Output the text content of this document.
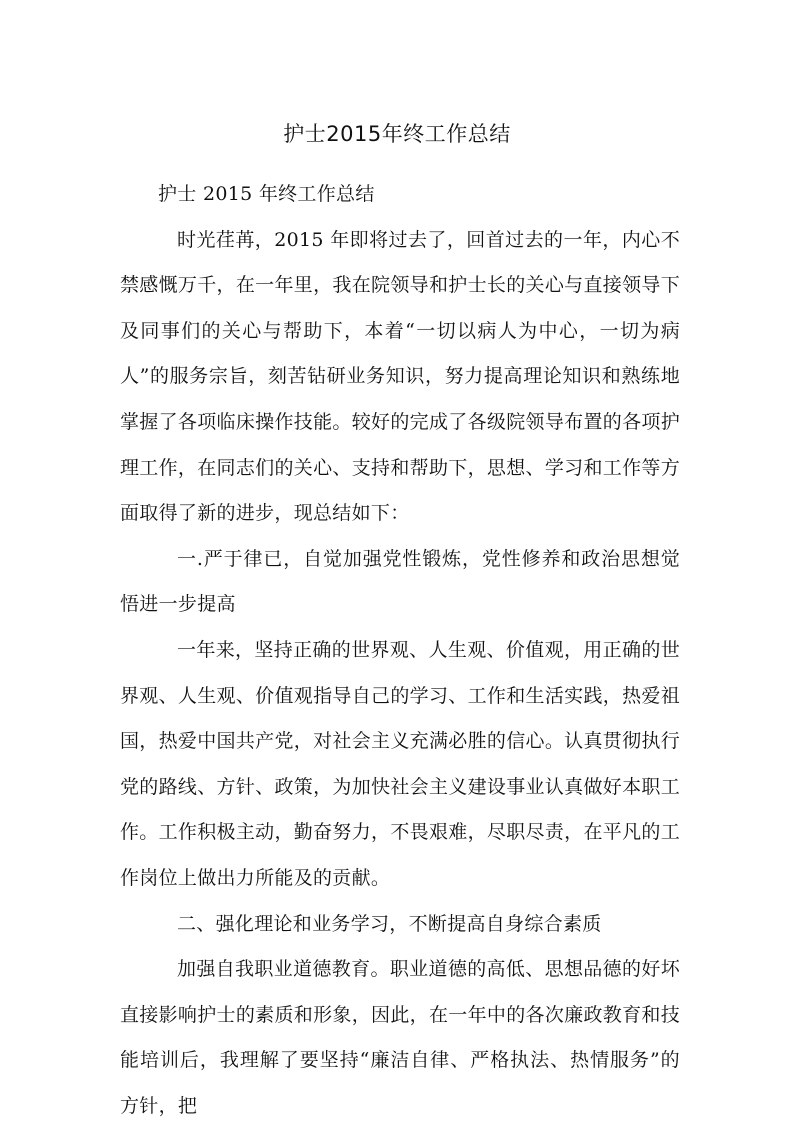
护士2015年终工作总结

护士 2015 年终工作总结

时光荏苒，2015 年即将过去了，回首过去的一年，内心不禁感慨万千，在一年里，我在院领导和护士长的关心与直接领导下及同事们的关心与帮助下，本着“一切以病人为中心，一切为病人”的服务宗旨，刻苦钻研业务知识，努力提高理论知识和熟练地掌握了各项临床操作技能。较好的完成了各级院领导布置的各项护理工作，在同志们的关心、支持和帮助下，思想、学习和工作等方面取得了新的进步，现总结如下：

一.严于律已，自觉加强党性锻炼，党性修养和政治思想觉悟进一步提高

一年来，坚持正确的世界观、人生观、价值观，用正确的世界观、人生观、价值观指导自己的学习、工作和生活实践，热爱祖国，热爱中国共产党，对社会主义充满必胜的信心。认真贯彻执行党的路线、方针、政策，为加快社会主义建设事业认真做好本职工作。工作积极主动，勤奋努力，不畏艰难，尽职尽责，在平凡的工作岗位上做出力所能及的贡献。

二、强化理论和业务学习，不断提高自身综合素质

加强自我职业道德教育。职业道德的高低、思想品德的好坏直接影响护士的素质和形象，因此，在一年中的各次廉政教育和技能培训后，我理解了要坚持“廉洁自律、严格执法、热情服务”的方针，把
